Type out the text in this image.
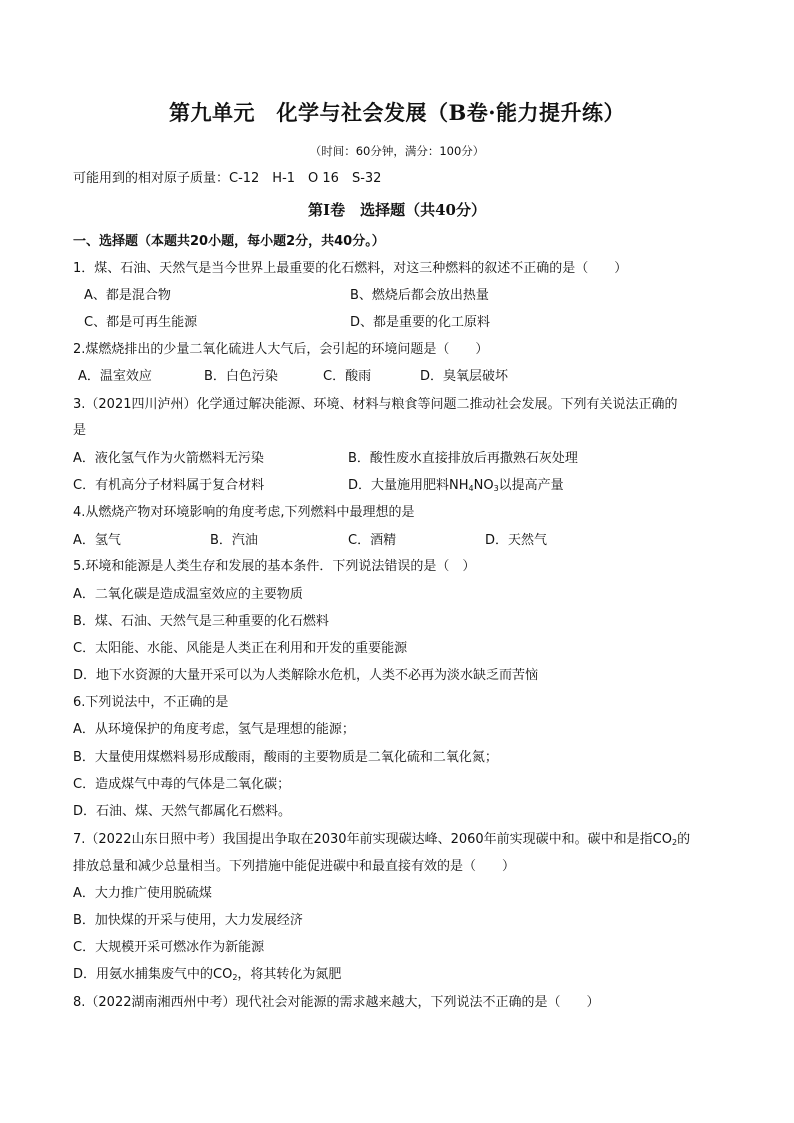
第九单元　化学与社会发展（B卷·能力提升练）
（时间：60分钟，满分：100分）
可能用到的相对原子质量：C-12　H-1　O 16　S-32
第Ⅰ卷　选择题（共40分）
一、选择题（本题共20小题，每小题2分，共40分。）
1．煤、石油、天然气是当今世界上最重要的化石燃料，对这三种燃料的叙述不正确的是（　　）
A、都是混合物	B、燃烧后都会放出热量
C、都是可再生能源	D、都是重要的化工原料
2.煤燃烧排出的少量二氧化硫进人大气后，会引起的环境问题是（　　）
A．温室效应	B．白色污染	C．酸雨	D．臭氧层破坏
3.（2021四川泸州）化学通过解决能源、环境、材料与粮食等问题二推动社会发展。下列有关说法正确的
是
A．液化氢气作为火箭燃料无污染	B．酸性废水直接排放后再撒熟石灰处理
C．有机高分子材料属于复合材料	D．大量施用肥料$NH_4NO_3$以提高产量
4.从燃烧产物对环境影响的角度考虑,下列燃料中最理想的是
A．氢气	B．汽油	C．酒精	D．天然气
5.环境和能源是人类生存和发展的基本条件．下列说法错误的是（　）
A．二氧化碳是造成温室效应的主要物质
B．煤、石油、天然气是三种重要的化石燃料
C．太阳能、水能、风能是人类正在利用和开发的重要能源
D．地下水资源的大量开采可以为人类解除水危机，人类不必再为淡水缺乏而苦恼
6.下列说法中，不正确的是
A．从环境保护的角度考虑，氢气是理想的能源；
B．大量使用煤燃料易形成酸雨，酸雨的主要物质是二氧化硫和二氧化氮；
C．造成煤气中毒的气体是二氧化碳；
D．石油、煤、天然气都属化石燃料。
7.（2022山东日照中考）我国提出争取在2030年前实现碳达峰、2060年前实现碳中和。碳中和是指$CO_2$的
排放总量和减少总量相当。下列措施中能促进碳中和最直接有效的是（　　）
A．大力推广使用脱硫煤
B．加快煤的开采与使用，大力发展经济
C．大规模开采可燃冰作为新能源
D．用氨水捕集废气中的$CO_2$，将其转化为氮肥
8.（2022湖南湘西州中考）现代社会对能源的需求越来越大，下列说法不正确的是（　　）
